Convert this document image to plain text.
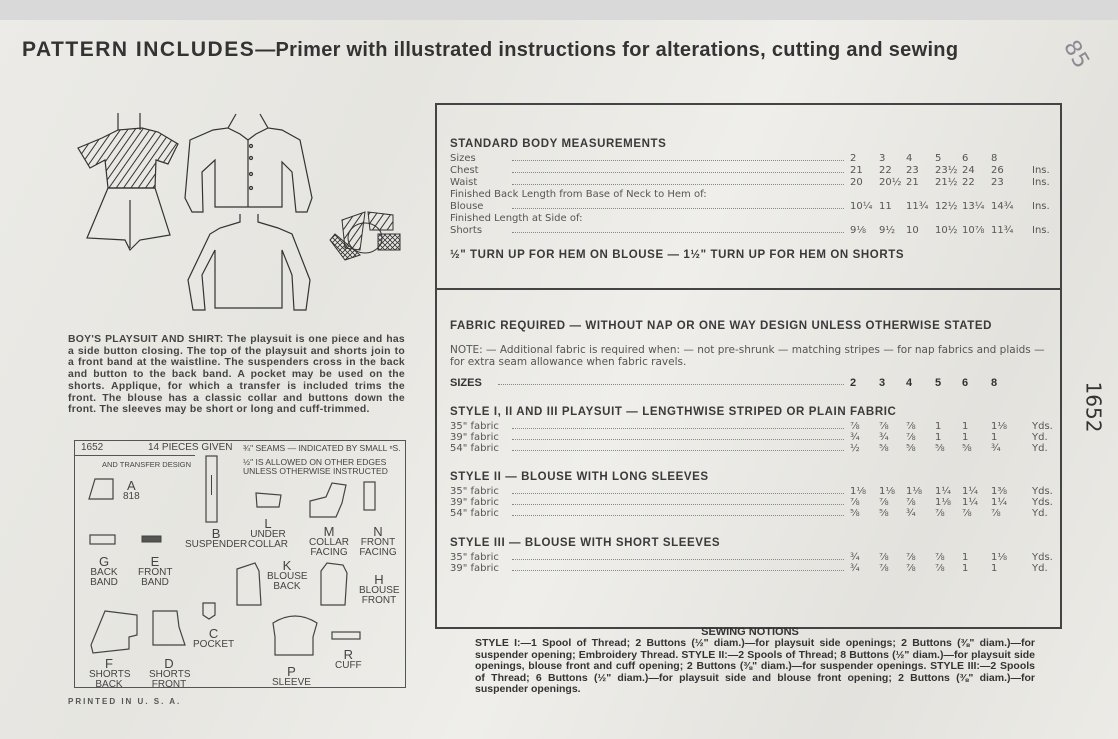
PATTERN INCLUDES—Primer with illustrated instructions for alterations, cutting and sewing	85
BOY'S PLAYSUIT AND SHIRT: The playsuit is one piece and has a side button closing. The top of the playsuit and shorts join to a front band at the waistline. The suspenders cross in the back and button to the back band. A pocket may be used on the shorts. Applique, for which a transfer is included trims the front. The blouse has a classic collar and buttons down the front. The sleeves may be short or long and cuff-trimmed.
1652	14 PIECES GIVEN
AND TRANSFER DESIGN
¾" SEAMS — INDICATED BY SMALL ⁿS.
½" IS ALLOWED ON OTHER EDGES
UNLESS OTHERWISE INSTRUCTED
A
818
B
SUSPENDER
L
UNDER COLLAR
M
COLLAR FACING
N
FRONT FACING
G
BACK BAND
E
FRONT BAND
K
BLOUSE BACK	H
BLOUSE FRONT
F
SHORTS BACK
D
SHORTS FRONT
C
POCKET
P
SLEEVE
R
CUFF
PRINTED IN U. S. A.
1652
STANDARD BODY MEASUREMENTS
Sizes	2	3	4	5	6	8
Chest	21	22	23	23½ 24	26	Ins.
Waist	20	20½ 21	21½ 22	23	Ins.
Finished Back Length from Base of Neck to Hem of:
Blouse	10¼ 11	11¾ 12½ 13¼ 14¾	Ins.
Finished Length at Side of:
Shorts	9⅛	9½	10	10½ 10⅞ 11¾	Ins.
½" TURN UP FOR HEM ON BLOUSE — 1½" TURN UP FOR HEM ON SHORTS
FABRIC REQUIRED — WITHOUT NAP OR ONE WAY DESIGN UNLESS OTHERWISE STATED
NOTE: — Additional fabric is required when: — not pre-shrunk — matching stripes — for nap fabrics and plaids — for extra seam allowance when fabric ravels.
SIZES	2	3	4	5	6	8
STYLE I, II AND III PLAYSUIT — LENGTHWISE STRIPED OR PLAIN FABRIC
35" fabric	⅞	⅞	⅞	1	1	1⅛	Yds.
39" fabric	¾	¾	⅞	1	1	1	Yd.
54" fabric	½	⅝	⅝	⅝	⅝	¾	Yd.
STYLE II — BLOUSE WITH LONG SLEEVES
35" fabric	1⅛	1⅛	1⅛	1¼	1¼	1⅜	Yds.
39" fabric	⅞	⅞	⅞	1⅛	1¼	1¼	Yds.
54" fabric	⅝	⅝	¾	⅞	⅞	⅞	Yd.
STYLE III — BLOUSE WITH SHORT SLEEVES
35" fabric	¾	⅞	⅞	⅞	1	1⅛	Yds.
39" fabric	¾	⅞	⅞	⅞	1	1	Yd.
SEWING NOTIONS
STYLE I:—1 Spool of Thread; 2 Buttons (½" diam.)—for playsuit side openings; 2 Buttons (⅜" diam.)—for suspender opening; Embroidery Thread. STYLE II:—2 Spools of Thread; 8 Buttons (½" diam.)—for playsuit side openings, blouse front and cuff opening; 2 Buttons (⅜" diam.)—for suspender openings. STYLE III:—2 Spools of Thread; 6 Buttons (½" diam.)—for playsuit side and blouse front opening; 2 Buttons (⅜" diam.)—for suspender openings.
